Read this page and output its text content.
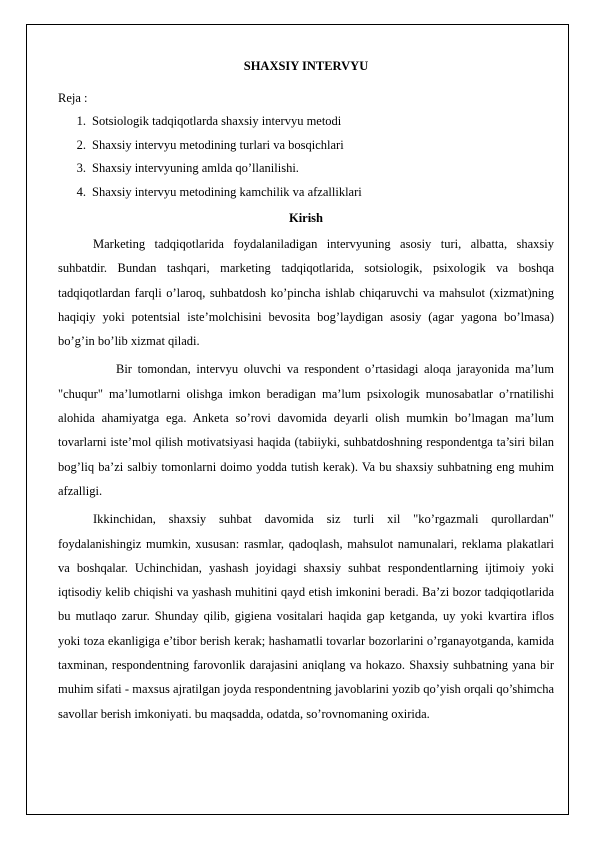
SHAXSIY INTERVYU
Reja :
1. Sotsiologik tadqiqotlarda shaxsiy intervyu metodi
2. Shaxsiy intervyu metodining turlari va bosqichlari
3. Shaxsiy intervyuning amlda qo’llanilishi.
4. Shaxsiy intervyu metodining kamchilik va afzalliklari
Kirish

Marketing tadqiqotlarida foydalaniladigan intervyuning asosiy turi, albatta, shaxsiy suhbatdir. Bundan tashqari, marketing tadqiqotlarida, sotsiologik, psixologik va boshqa tadqiqotlardan farqli o’laroq, suhbatdosh ko’pincha ishlab chiqaruvchi va mahsulot (xizmat)ning haqiqiy yoki potentsial iste’molchisini bevosita bog’laydigan asosiy (agar yagona bo’lmasa) bo’g’in bo’lib xizmat qiladi.

Bir tomondan, intervyu oluvchi va respondent o’rtasidagi aloqa jarayonida ma’lum "chuqur" ma’lumotlarni olishga imkon beradigan ma’lum psixologik munosabatlar o’rnatilishi alohida ahamiyatga ega. Anketa so’rovi davomida deyarli olish mumkin bo’lmagan ma’lum tovarlarni iste’mol qilish motivatsiyasi haqida (tabiiyki, suhbatdoshning respondentga ta’siri bilan bog’liq ba’zi salbiy tomonlarni doimo yodda tutish kerak). Va bu shaxsiy suhbatning eng muhim afzalligi.

Ikkinchidan, shaxsiy suhbat davomida siz turli xil "ko’rgazmali qurollardan" foydalanishingiz mumkin, xususan: rasmlar, qadoqlash, mahsulot namunalari, reklama plakatlari va boshqalar. Uchinchidan, yashash joyidagi shaxsiy suhbat respondentlarning ijtimoiy yoki iqtisodiy kelib chiqishi va yashash muhitini qayd etish imkonini beradi. Ba’zi bozor tadqiqotlarida bu mutlaqo zarur. Shunday qilib, gigiena vositalari haqida gap ketganda, uy yoki kvartira iflos yoki toza ekanligiga e’tibor berish kerak; hashamatli tovarlar bozorlarini o’rganayotganda, kamida taxminan, respondentning farovonlik darajasini aniqlang va hokazo. Shaxsiy suhbatning yana bir muhim sifati - maxsus ajratilgan joyda respondentning javoblarini yozib qo’yish orqali qo’shimcha savollar berish imkoniyati. bu maqsadda, odatda, so’rovnomaning oxirida.
